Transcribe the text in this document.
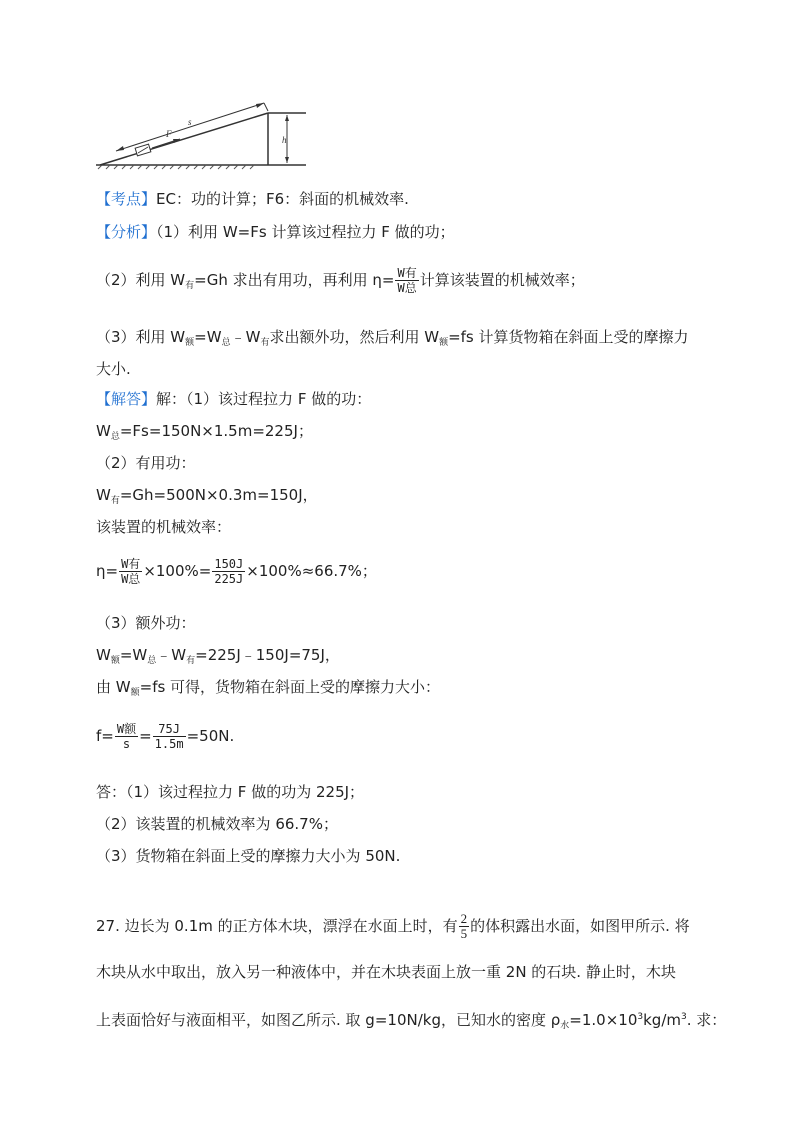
s
F
h
【考点】EC：功的计算；F6：斜面的机械效率.
【分析】（1）利用 W=Fs 计算该过程拉力 F 做的功；
（2）利用 $W_有=Gh$ 求出有用功，再利用 $\eta= \frac{\text{W有}}{\text{W总}}$ 计算该装置的机械效率；
（3）利用 $W_额=W_总﹣W_有$求出额外功，然后利用 $W_额=fs$ 计算货物箱在斜面上受的摩擦力
大小.
【解答】解：（1）该过程拉力 F 做的功：
$W_总=Fs=150N\times 1.5m=225J$；
（2）有用功：
$W_有=Gh=500N\times 0.3m=150J$，
该装置的机械效率：
$\eta= \frac{\text{W有}}{\text{W总}} \times 100\%= \frac{150J}{225J} \times 100\%\approx 66.7\%$；
（3）额外功：
$W_额=W_总﹣W_有=225J﹣150J=75J$，
由 $W_额=fs$ 可得，货物箱在斜面上受的摩擦力大小：
$f= \frac{\text{W额}}{s} = \frac{75J}{1.5m} =50N$.
答：（1）该过程拉力 F 做的功为 225J；
（2）该装置的机械效率为 66.7%；
（3）货物箱在斜面上受的摩擦力大小为 50N.
27. 边长为 0.1m 的正方体木块，漂浮在水面上时，有 $\frac{2}{5}$ 的体积露出水面，如图甲所示. 将
木块从水中取出，放入另一种液体中，并在木块表面上放一重 2N 的石块. 静止时，木块
上表面恰好与液面相平，如图乙所示. 取 g=10N/kg，已知水的密度 $\rho_水=1.0\times 10^3kg/m^3$. 求：
